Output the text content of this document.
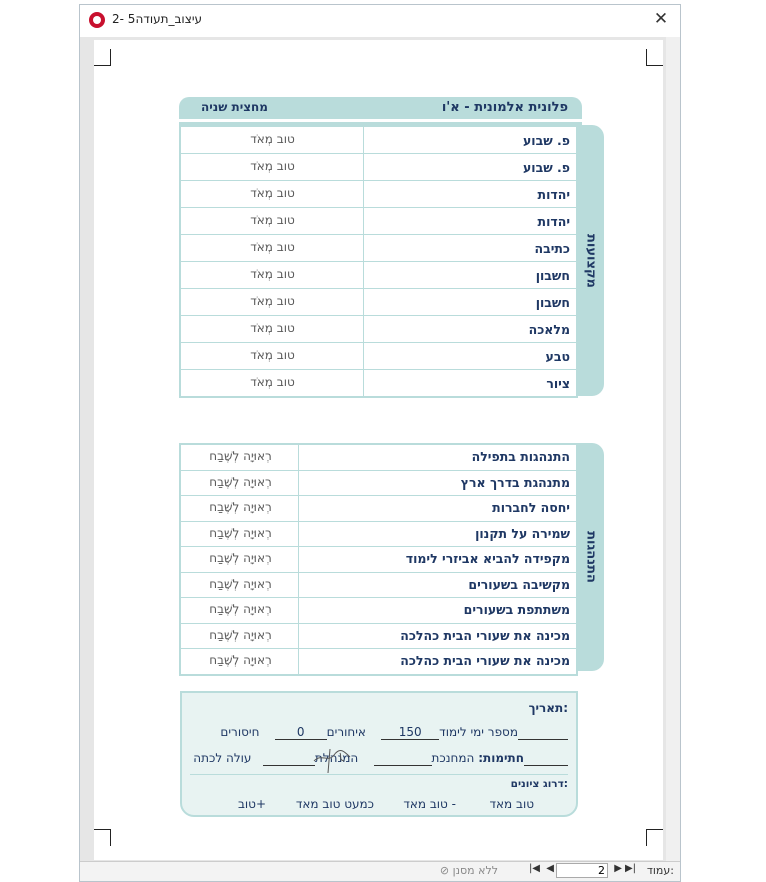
עיצוב_תעודה5 -2	✕
פלונית אלמונית - א'ו
מחצית שניה
מקצועות
פ. שבוע
טוב מְאֹד
פ. שבוע
טוב מְאֹד
יהדות
טוב מְאֹד
יהדות
טוב מְאֹד
כתיבה
טוב מְאֹד
חשבון
טוב מְאֹד
חשבון
טוב מְאֹד
מלאכה
טוב מְאֹד
טבע
טוב מְאֹד
ציור
טוב מְאֹד
התנהגות
התנהגות בתפילה
רְאוּיָה לְשֶׁבַח
מתנהגת בדרך ארץ
רְאוּיָה לְשֶׁבַח
יחסה לחברות
רְאוּיָה לְשֶׁבַח
שמירה על תקנון
רְאוּיָה לְשֶׁבַח
מקפידה להביא אביזרי לימוד
רְאוּיָה לְשֶׁבַח
מקשיבה בשעורים
רְאוּיָה לְשֶׁבַח
משתתפת בשעורים
רְאוּיָה לְשֶׁבַח
מכינה את שעורי הבית כהלכה
רְאוּיָה לְשֶׁבַח
מכינה את שעורי הבית כהלכה
רְאוּיָה לְשֶׁבַח
תאריך:
מספר ימי לימוד150    איחורים0    חיסורים
חתימות: המחנכת     המנהלת    עולה לכתה
דרוג ציונים:
טוב מאד
טוב מאד -
כמעט טוב מאד
טוב+
עמוד:
▶|
▶
2
◀
|◀
⊘ ללא מסנן
